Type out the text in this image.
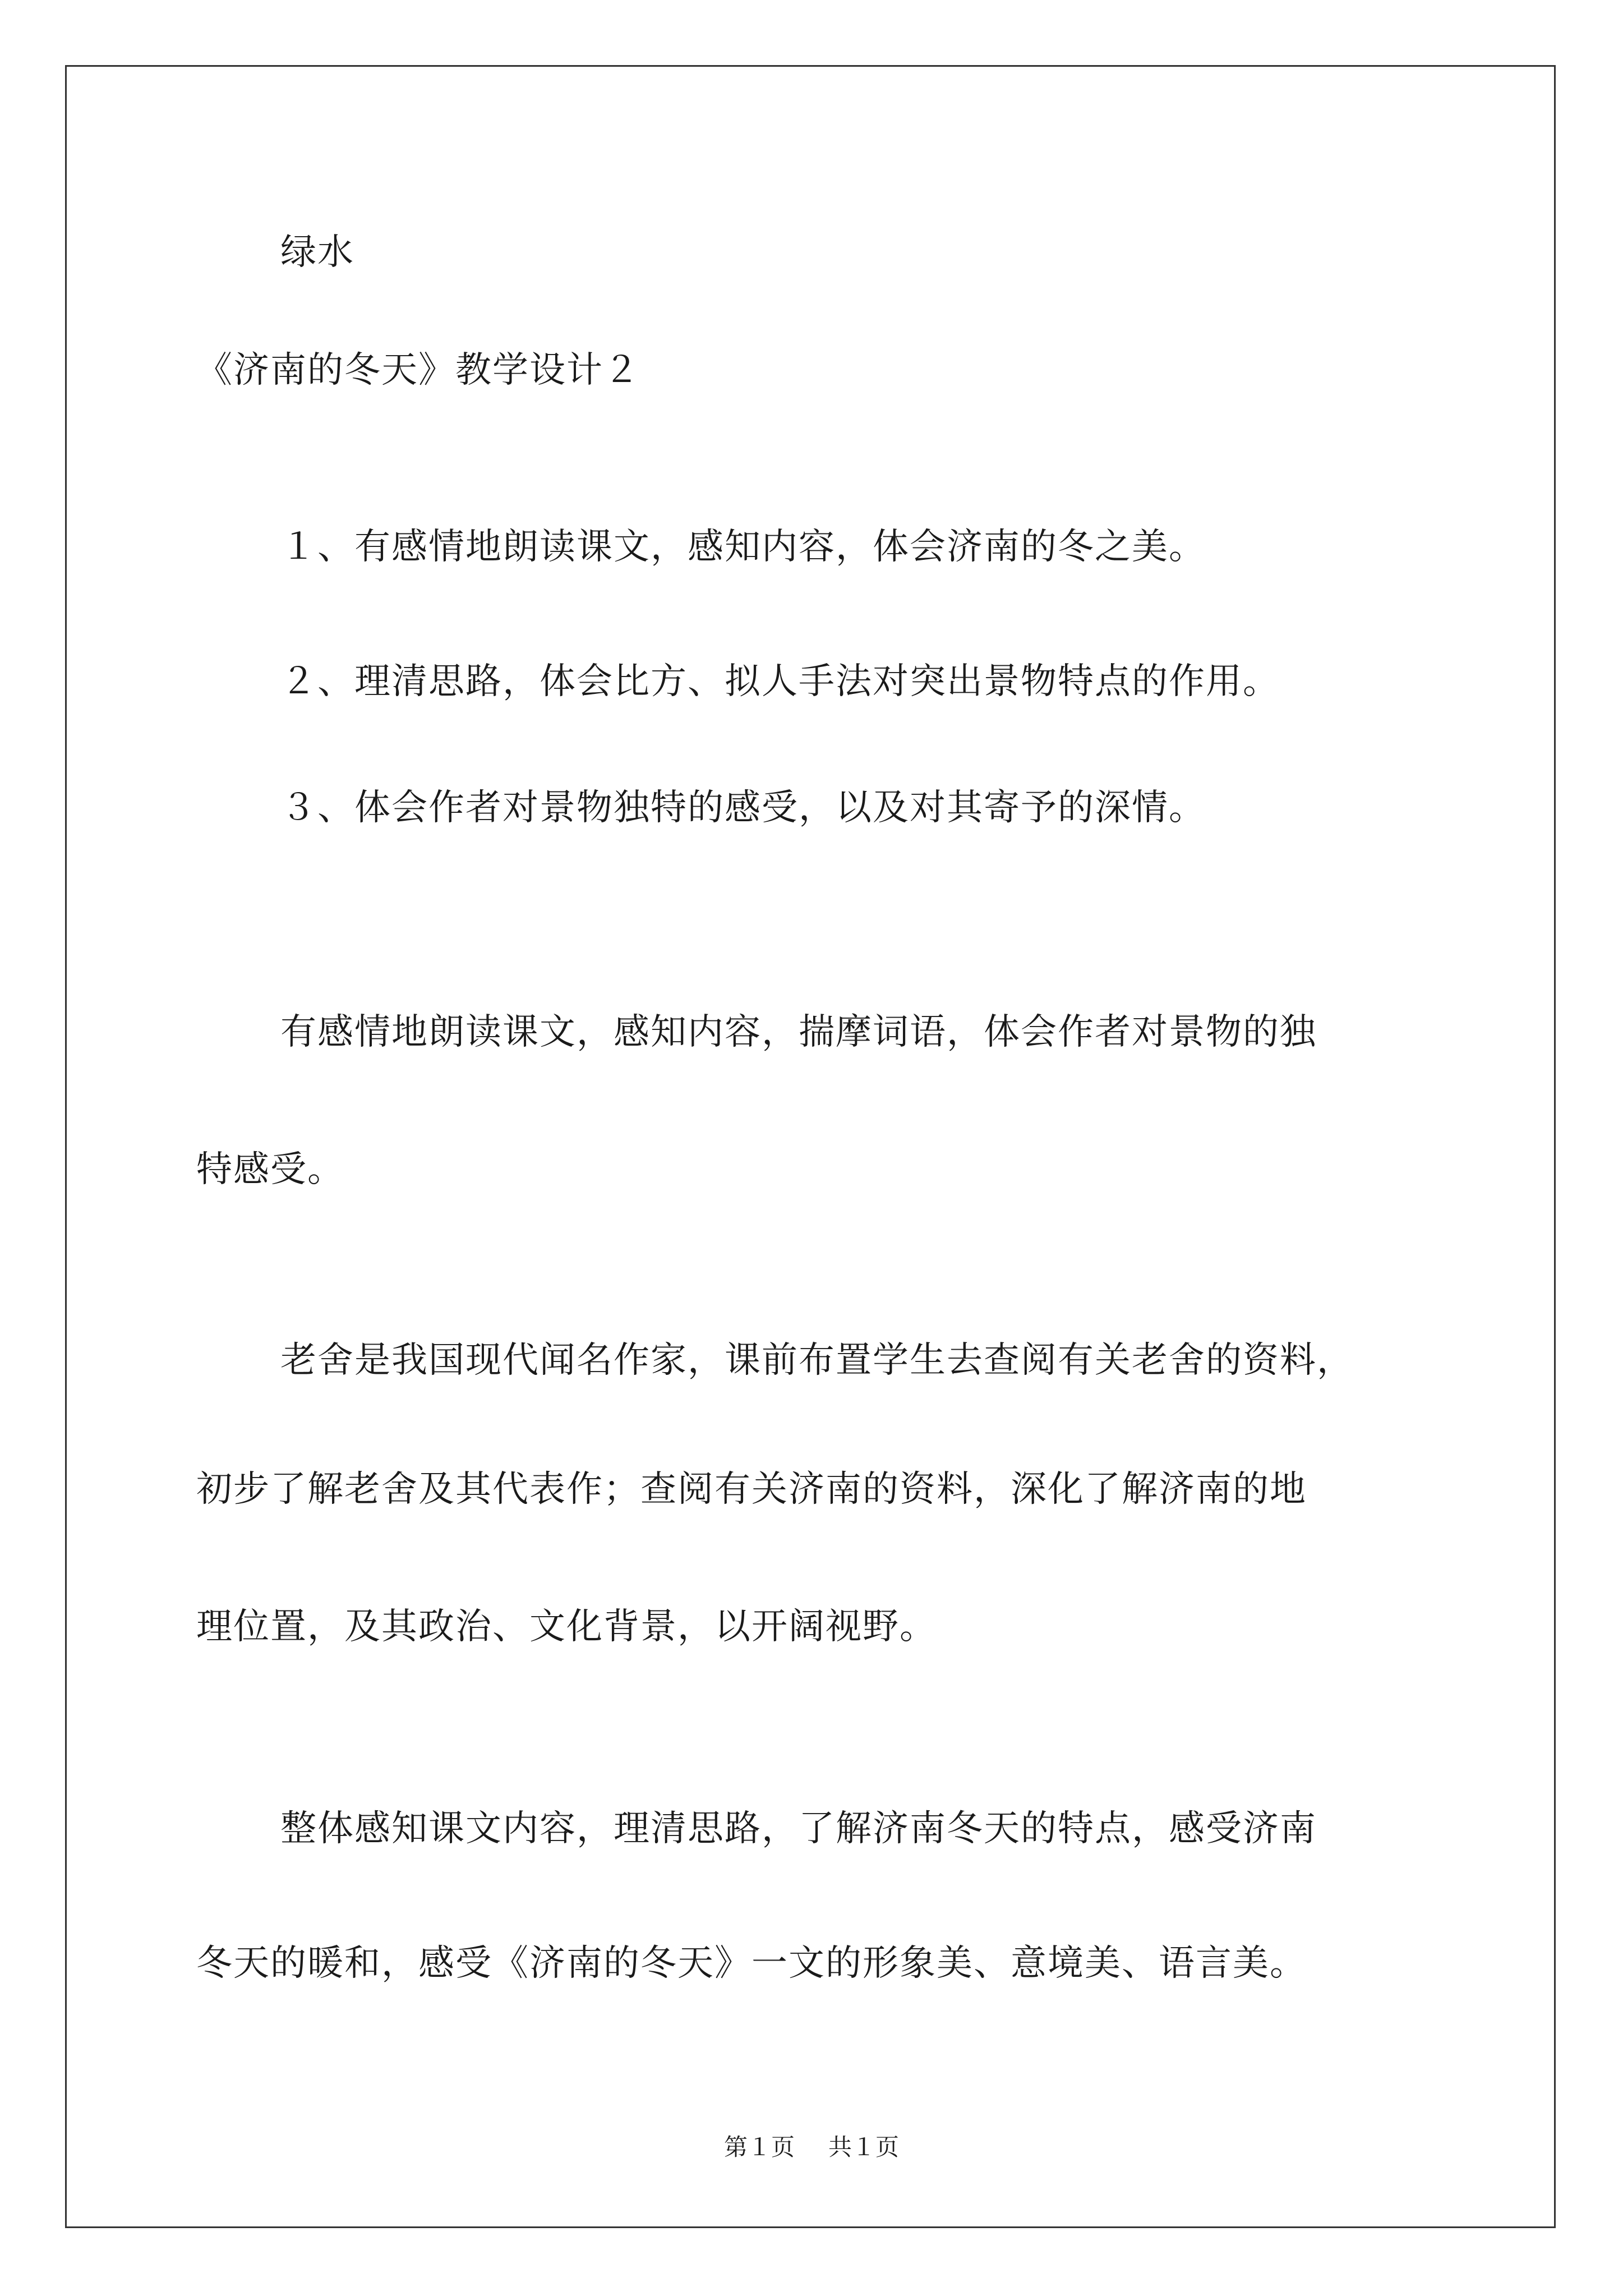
绿水
《济南的冬天》教学设计２
１、有感情地朗读课文，感知内容，体会济南的冬之美。
２、理清思路，体会比方、拟人手法对突出景物特点的作用。
３、体会作者对景物独特的感受，以及对其寄予的深情。
有感情地朗读课文，感知内容，揣摩词语，体会作者对景物的独
特感受。
老舍是我国现代闻名作家，课前布置学生去查阅有关老舍的资料，
初步了解老舍及其代表作；查阅有关济南的资料，深化了解济南的地
理位置，及其政治、文化背景，以开阔视野。
整体感知课文内容，理清思路，了解济南冬天的特点，感受济南
冬天的暖和，感受《济南的冬天》一文的形象美、意境美、语言美。
第１页 共１页
